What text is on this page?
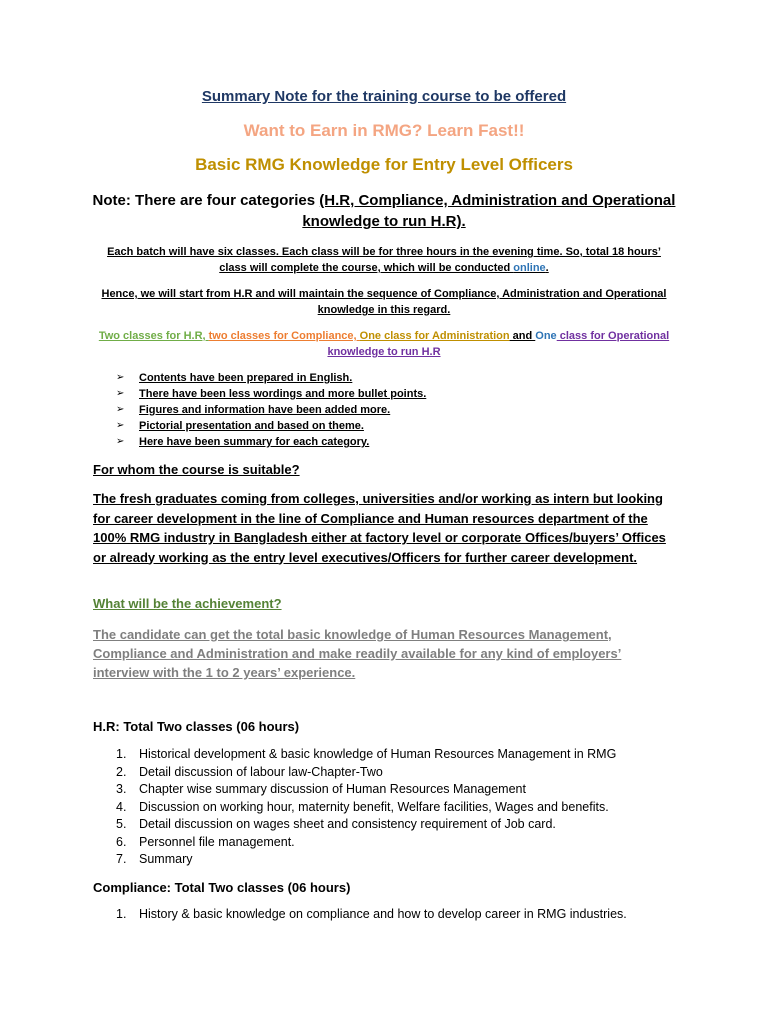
Summary Note for the training course to be offered
Want to Earn in RMG? Learn Fast!!
Basic RMG Knowledge for Entry Level Officers
Note: There are four categories (H.R, Compliance, Administration and Operational knowledge to run H.R).
Each batch will have six classes. Each class will be for three hours in the evening time. So, total 18 hours’ class will complete the course, which will be conducted online.
Hence, we will start from H.R and will maintain the sequence of Compliance, Administration and Operational knowledge in this regard.
Two classes for H.R, two classes for Compliance, One class for Administration and One class for Operational knowledge to run H.R
➢ Contents have been prepared in English.
➢ There have been less wordings and more bullet points.
➢ Figures and information have been added more.
➢ Pictorial presentation and based on theme.
➢ Here have been summary for each category.
For whom the course is suitable?
The fresh graduates coming from colleges, universities and/or working as intern but looking for career development in the line of Compliance and Human resources department of the 100% RMG industry in Bangladesh either at factory level or corporate Offices/buyers’ Offices or already working as the entry level executives/Officers for further career development.
What will be the achievement?
The candidate can get the total basic knowledge of Human Resources Management, Compliance and Administration and make readily available for any kind of employers’ interview with the 1 to 2 years’ experience.
H.R: Total Two classes (06 hours)
1. Historical development & basic knowledge of Human Resources Management in RMG
2. Detail discussion of labour law-Chapter-Two
3. Chapter wise summary discussion of Human Resources Management
4. Discussion on working hour, maternity benefit, Welfare facilities, Wages and benefits.
5. Detail discussion on wages sheet and consistency requirement of Job card.
6. Personnel file management.
7. Summary
Compliance: Total Two classes (06 hours)
1. History & basic knowledge on compliance and how to develop career in RMG industries.
